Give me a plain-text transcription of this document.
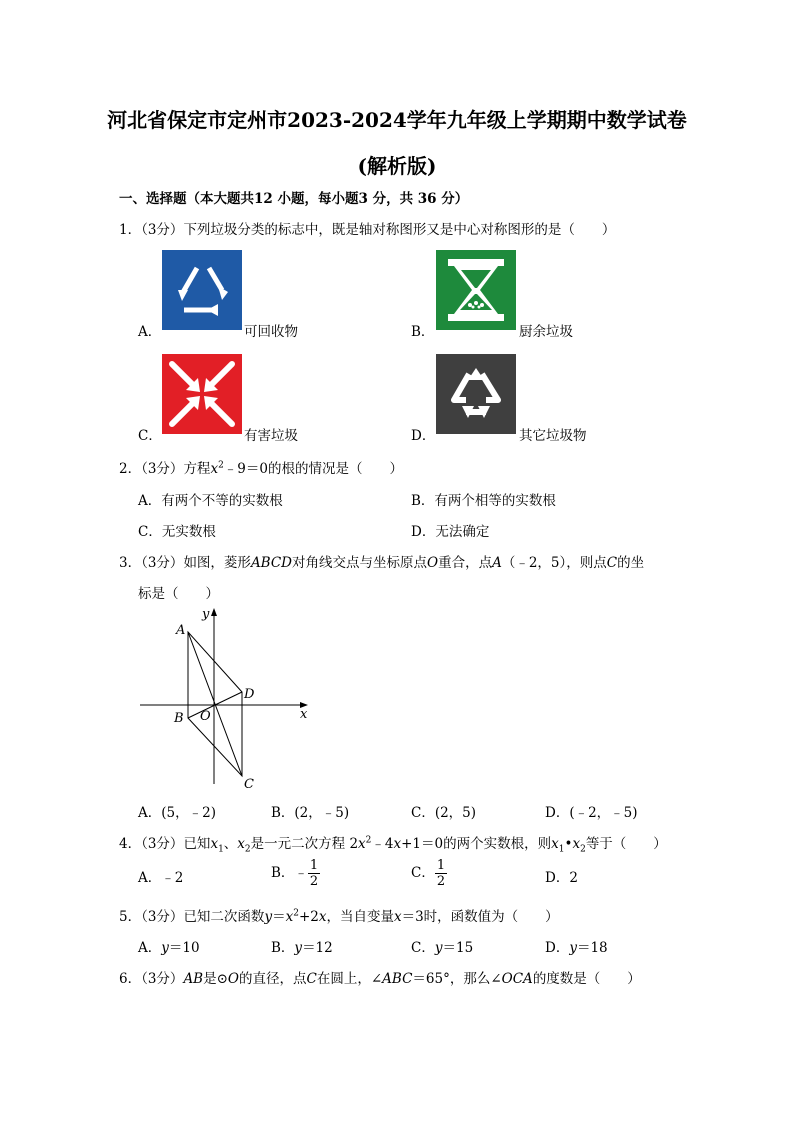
河北省保定市定州市2023-2024学年九年级上学期期中数学试卷
(解析版)
一、选择题（本大题共12 小题，每小题3 分，共 36 分）
1．（3分）下列垃圾分类的标志中，既是轴对称图形又是中心对称图形的是（　　）
A．	可回收物	B．	厨余垃圾
C．	有害垃圾	D．	其它垃圾物
2．（3分）方程$x^2﹣9=0$的根的情况是（　　）
A．有两个不等的实数根	B．有两个相等的实数根
C．无实数根	D．无法确定
3．（3分）如图，菱形ABCD对角线交点与坐标原点O重合，点A（﹣2，5），则点C的坐
标是（　　）
A
B
C
D
O	x
y
A．(5，﹣2)	B．(2，﹣5)	C．(2，5)	D．(﹣2，﹣5)
4．（3分）已知$x_1$、$x_2$是一元二次方程 $2x^2﹣4x+1=0$的两个实数根，则$x_1•x_2$等于（　　）
A．﹣2	B．﹣ $\frac{1}{2}$	C． $\frac{1}{2}$	D．2
5．（3分）已知二次函数$y=x^2+2x$，当自变量x＝3时，函数值为（　　）
A．y＝10	B．y＝12	C．y＝15	D．y＝18
6．（3分）AB是⊙O的直径，点C在圆上，∠ABC＝65°，那么∠OCA的度数是（　　）
